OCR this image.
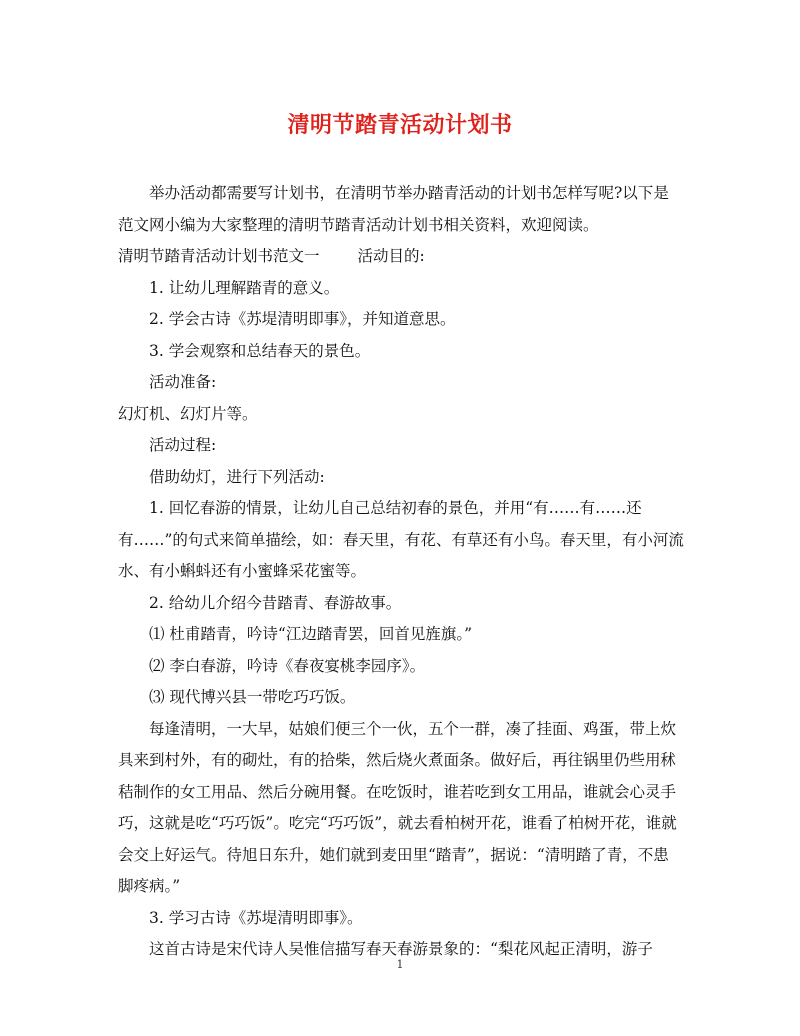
清明节踏青活动计划书

举办活动都需要写计划书，在清明节举办踏青活动的计划书怎样写呢?以下是范文网小编为大家整理的清明节踏青活动计划书相关资料，欢迎阅读。

清明节踏青活动计划书范文一 活动目的:

1. 让幼儿理解踏青的意义。

2. 学会古诗《苏堤清明即事》，并知道意思。

3. 学会观察和总结春天的景色。

活动准备:

幻灯机、幻灯片等。

活动过程:

借助幼灯，进行下列活动:

1. 回忆春游的情景，让幼儿自己总结初春的景色，并用“有……有……还有……”的句式来简单描绘，如：春天里，有花、有草还有小鸟。春天里，有小河流水、有小蝌蚪还有小蜜蜂采花蜜等。

2. 给幼儿介绍今昔踏青、春游故事。

⑴ 杜甫踏青，吟诗“江边踏青罢，回首见旌旗。”

⑵ 李白春游，吟诗《春夜宴桃李园序》。

⑶ 现代博兴县一带吃巧巧饭。

每逢清明，一大早，姑娘们便三个一伙，五个一群，凑了挂面、鸡蛋，带上炊具来到村外，有的砌灶，有的拾柴，然后烧火煮面条。做好后，再往锅里仍些用秫秸制作的女工用品、然后分碗用餐。在吃饭时，谁若吃到女工用品，谁就会心灵手巧，这就是吃“巧巧饭”。吃完“巧巧饭”，就去看柏树开花，谁看了柏树开花，谁就会交上好运气。待旭日东升，她们就到麦田里“踏青”，据说：“清明踏了青，不患脚疼病。”

3. 学习古诗《苏堤清明即事》。

这首古诗是宋代诗人吴惟信描写春天春游景象的：“梨花风起正清明，游子

1
